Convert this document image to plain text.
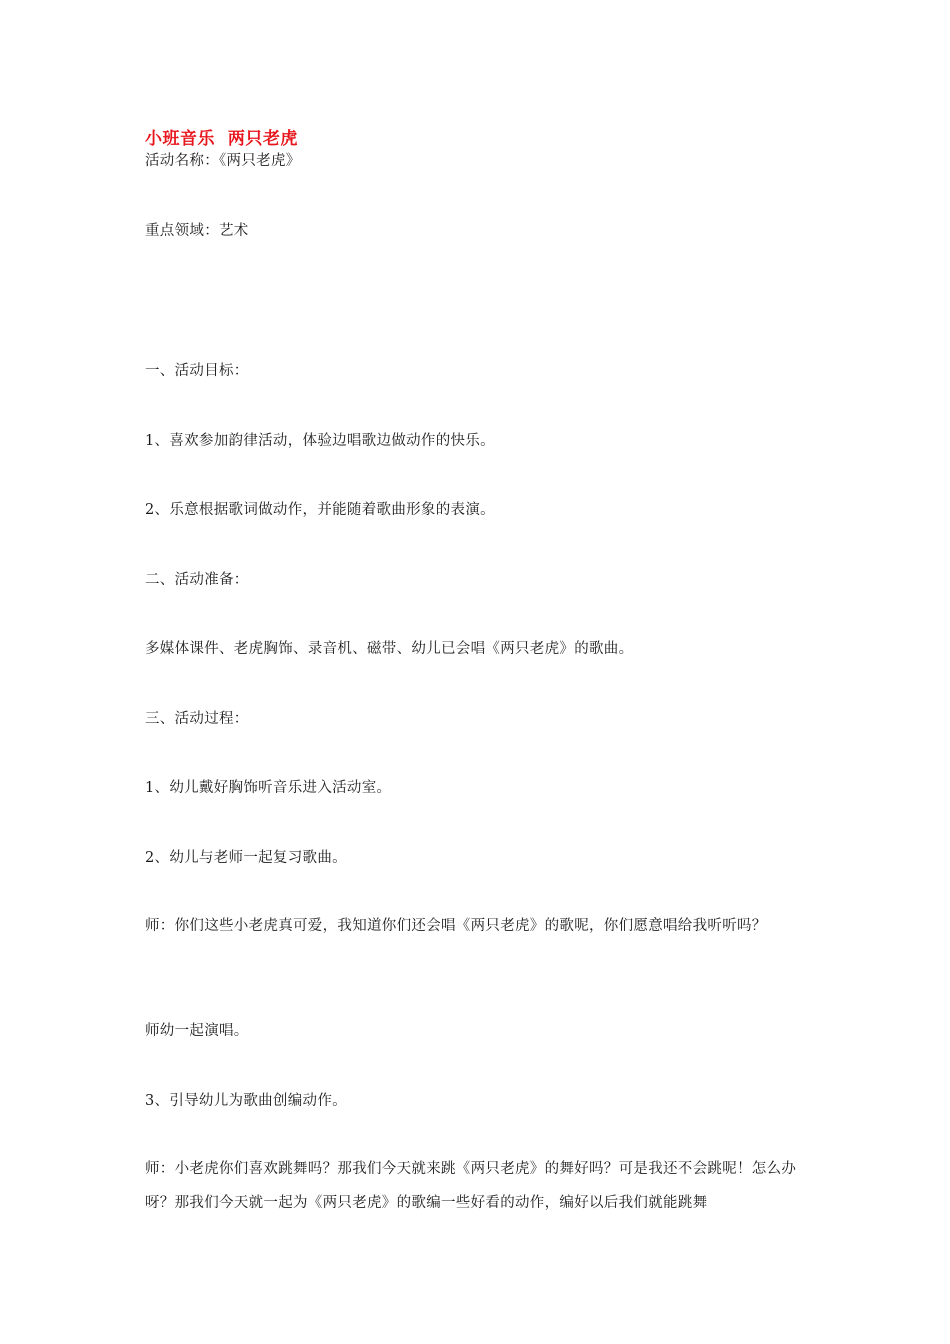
小班音乐  两只老虎
活动名称：《两只老虎》
重点领域：艺术
一、活动目标：
1、喜欢参加韵律活动，体验边唱歌边做动作的快乐。
2、乐意根据歌词做动作，并能随着歌曲形象的表演。
二、活动准备：
多媒体课件、老虎胸饰、录音机、磁带、幼儿已会唱《两只老虎》的歌曲。
三、活动过程：
1、幼儿戴好胸饰听音乐进入活动室。
2、幼儿与老师一起复习歌曲。
师：你们这些小老虎真可爱，我知道你们还会唱《两只老虎》的歌呢，你们愿意唱给我听听吗？
师幼一起演唱。
3、引导幼儿为歌曲创编动作。
师：小老虎你们喜欢跳舞吗？那我们今天就来跳《两只老虎》的舞好吗？可是我还不会跳呢！怎么办呀？那我们今天就一起为《两只老虎》的歌编一些好看的动作，编好以后我们就能跳舞
